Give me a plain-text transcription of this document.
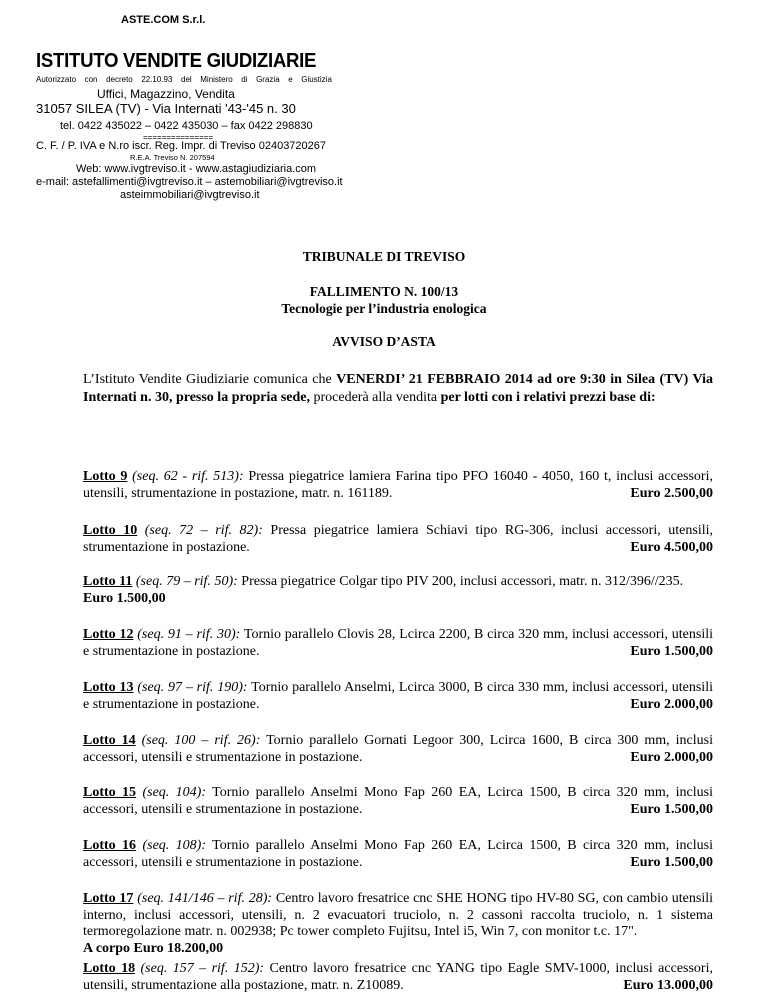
ASTE.COM S.r.l.
ISTITUTO VENDITE GIUDIZIARIE
Autorizzato con decreto 22.10.93 del Ministero di Grazia e Giustizia
Uffici, Magazzino, Vendita
31057 SILEA (TV) - Via Internati '43-'45 n. 30
tel. 0422 435022 – 0422 435030 – fax 0422 298830
===============
C. F. / P. IVA e N.ro iscr. Reg. Impr. di Treviso 02403720267
R.E.A. Treviso N. 207594
Web: www.ivgtreviso.it - www.astagiudiziaria.com
e-mail: astefallimenti@ivgtreviso.it – astemobiliari@ivgtreviso.it
asteimmobiliari@ivgtreviso.it
TRIBUNALE DI TREVISO
FALLIMENTO N. 100/13
Tecnologie per l’industria enologica
AVVISO D’ASTA
L’Istituto Vendite Giudiziarie comunica che VENERDI’ 21 FEBBRAIO 2014 ad ore 9:30 in Silea (TV) Via Internati n. 30, presso la propria sede, procederà alla vendita per lotti con i relativi prezzi base di:
Lotto 9 (seq. 62 - rif. 513): Pressa piegatrice lamiera Farina tipo PFO 16040 - 4050, 160 t, inclusi accessori, utensili, strumentazione in postazione, matr. n. 161189.	Euro 2.500,00
Lotto 10 (seq. 72 – rif. 82): Pressa piegatrice lamiera Schiavi tipo RG-306, inclusi accessori, utensili, strumentazione in postazione.	Euro 4.500,00
Lotto 11 (seq. 79 – rif. 50): Pressa piegatrice Colgar tipo PIV 200, inclusi accessori, matr. n. 312/396//235.
Euro 1.500,00
Lotto 12 (seq. 91 – rif. 30): Tornio parallelo Clovis 28, Lcirca 2200, B circa 320 mm, inclusi accessori, utensili e strumentazione in postazione.	Euro 1.500,00
Lotto 13 (seq. 97 – rif. 190): Tornio parallelo Anselmi, Lcirca 3000, B circa 330 mm, inclusi accessori, utensili e strumentazione in postazione.	Euro 2.000,00
Lotto 14 (seq. 100 – rif. 26): Tornio parallelo Gornati Legoor 300, Lcirca 1600, B circa 300 mm, inclusi accessori, utensili e strumentazione in postazione.	Euro 2.000,00
Lotto 15 (seq. 104): Tornio parallelo Anselmi Mono Fap 260 EA, Lcirca 1500, B circa 320 mm, inclusi accessori, utensili e strumentazione in postazione.	Euro 1.500,00
Lotto 16 (seq. 108): Tornio parallelo Anselmi Mono Fap 260 EA, Lcirca 1500, B circa 320 mm, inclusi accessori, utensili e strumentazione in postazione.	Euro 1.500,00
Lotto 17 (seq. 141/146 – rif. 28): Centro lavoro fresatrice cnc SHE HONG tipo HV-80 SG, con cambio utensili interno, inclusi accessori, utensili, n. 2 evacuatori truciolo, n. 2 cassoni raccolta truciolo, n. 1 sistema termoregolazione matr. n. 002938; Pc tower completo Fujitsu, Intel i5, Win 7, con monitor t.c. 17".
A corpo Euro 18.200,00
Lotto 18 (seq. 157 – rif. 152): Centro lavoro fresatrice cnc YANG tipo Eagle SMV-1000, inclusi accessori, utensili, strumentazione alla postazione, matr. n. Z10089.	Euro 13.000,00
